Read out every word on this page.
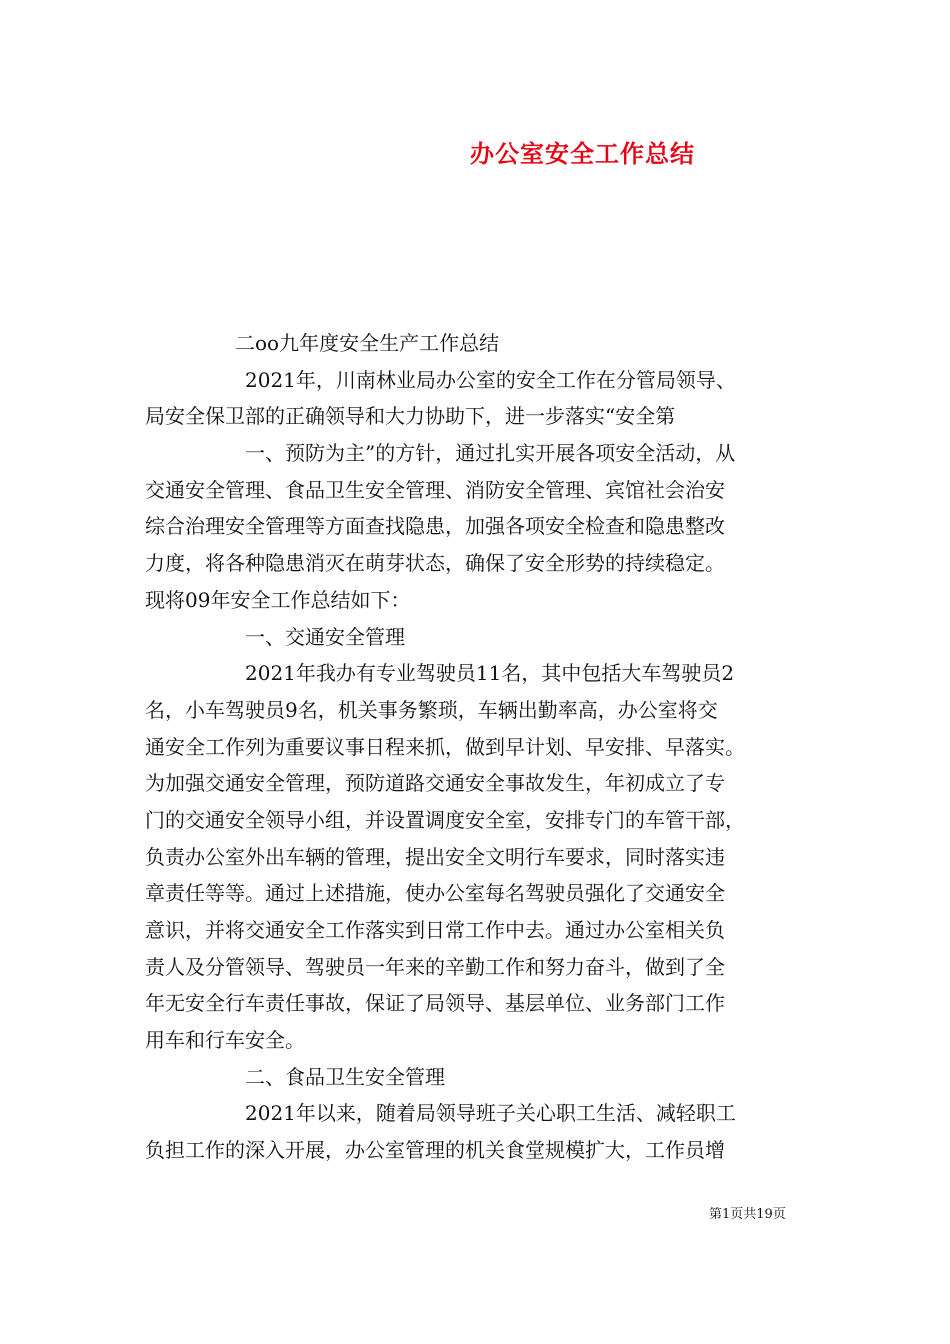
办公室安全工作总结
二oo九年度安全生产工作总结
2021年，川南林业局办公室的安全工作在分管局领导、
局安全保卫部的正确领导和大力协助下，进一步落实“安全第
一、预防为主”的方针，通过扎实开展各项安全活动，从
交通安全管理、食品卫生安全管理、消防安全管理、宾馆社会治安
综合治理安全管理等方面查找隐患，加强各项安全检查和隐患整改
力度，将各种隐患消灭在萌芽状态，确保了安全形势的持续稳定。
现将09年安全工作总结如下：
一、交通安全管理
2021年我办有专业驾驶员11名，其中包括大车驾驶员2
名，小车驾驶员9名，机关事务繁琐，车辆出勤率高，办公室将交
通安全工作列为重要议事日程来抓，做到早计划、早安排、早落实。
为加强交通安全管理，预防道路交通安全事故发生，年初成立了专
门的交通安全领导小组，并设置调度安全室，安排专门的车管干部，
负责办公室外出车辆的管理，提出安全文明行车要求，同时落实违
章责任等等。通过上述措施，使办公室每名驾驶员强化了交通安全
意识，并将交通安全工作落实到日常工作中去。通过办公室相关负
责人及分管领导、驾驶员一年来的辛勤工作和努力奋斗，做到了全
年无安全行车责任事故，保证了局领导、基层单位、业务部门工作
用车和行车安全。
二、食品卫生安全管理
2021年以来，随着局领导班子关心职工生活、减轻职工
负担工作的深入开展，办公室管理的机关食堂规模扩大，工作员增
第1页共19页
